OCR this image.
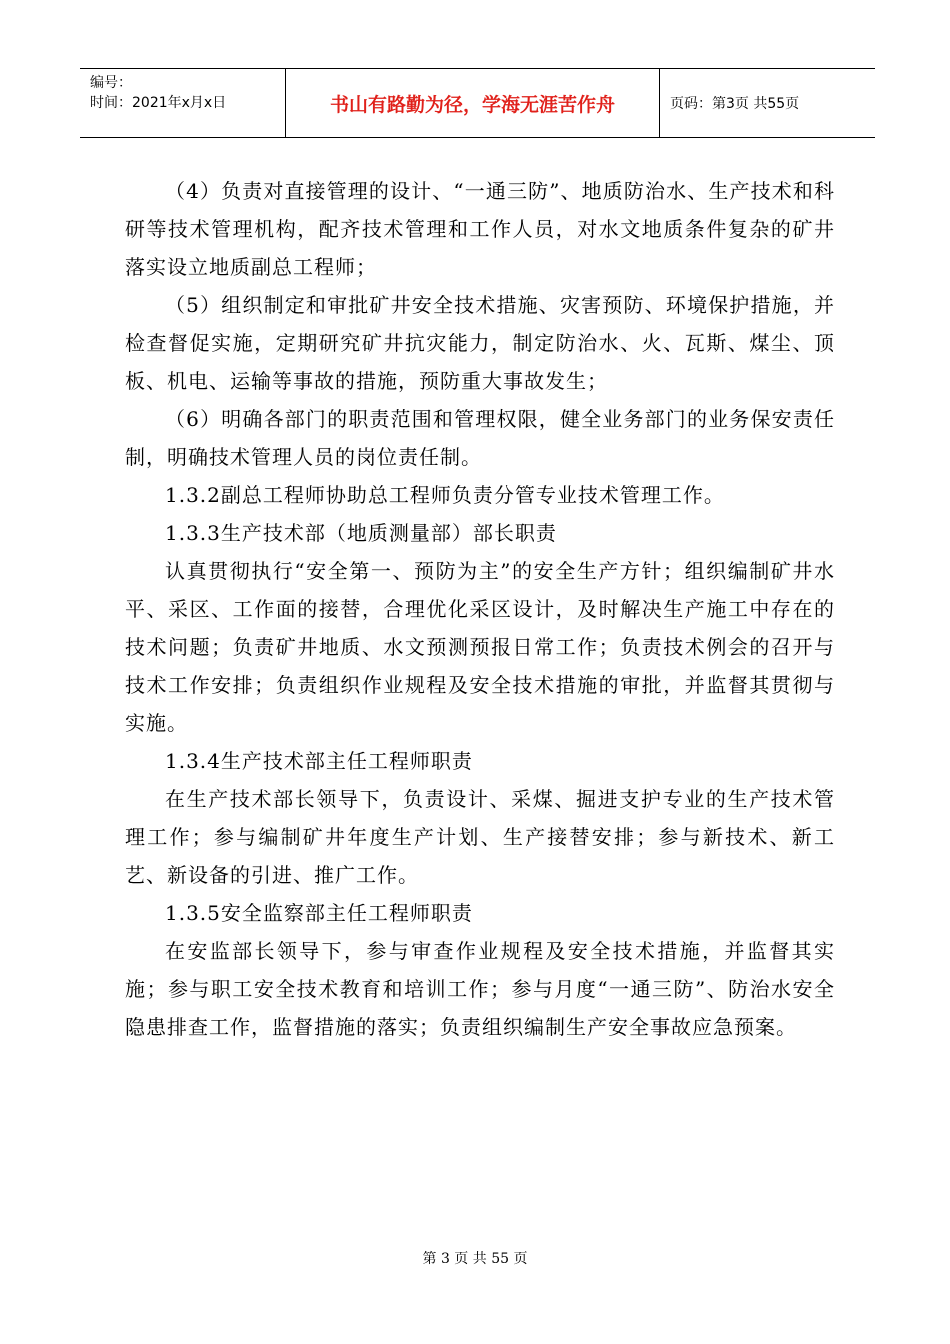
编号：
时间：2021年x月x日	书山有路勤为径，学海无涯苦作舟	页码：第3页 共55页

（4）负责对直接管理的设计、“一通三防”、地质防治水、生产技术和科研等技术管理机构，配齐技术管理和工作人员，对水文地质条件复杂的矿井落实设立地质副总工程师；

（5）组织制定和审批矿井安全技术措施、灾害预防、环境保护措施，并检查督促实施，定期研究矿井抗灾能力，制定防治水、火、瓦斯、煤尘、顶板、机电、运输等事故的措施，预防重大事故发生；

（6）明确各部门的职责范围和管理权限，健全业务部门的业务保安责任制，明确技术管理人员的岗位责任制。

1.3.2副总工程师协助总工程师负责分管专业技术管理工作。

1.3.3生产技术部（地质测量部）部长职责

认真贯彻执行“安全第一、预防为主”的安全生产方针；组织编制矿井水平、采区、工作面的接替，合理优化采区设计，及时解决生产施工中存在的技术问题；负责矿井地质、水文预测预报日常工作；负责技术例会的召开与技术工作安排；负责组织作业规程及安全技术措施的审批，并监督其贯彻与实施。

1.3.4生产技术部主任工程师职责

在生产技术部长领导下，负责设计、采煤、掘进支护专业的生产技术管理工作；参与编制矿井年度生产计划、生产接替安排；参与新技术、新工艺、新设备的引进、推广工作。

1.3.5安全监察部主任工程师职责

在安监部长领导下，参与审查作业规程及安全技术措施，并监督其实施；参与职工安全技术教育和培训工作；参与月度“一通三防”、防治水安全隐患排查工作，监督措施的落实；负责组织编制生产安全事故应急预案。

第 3 页 共 55 页
